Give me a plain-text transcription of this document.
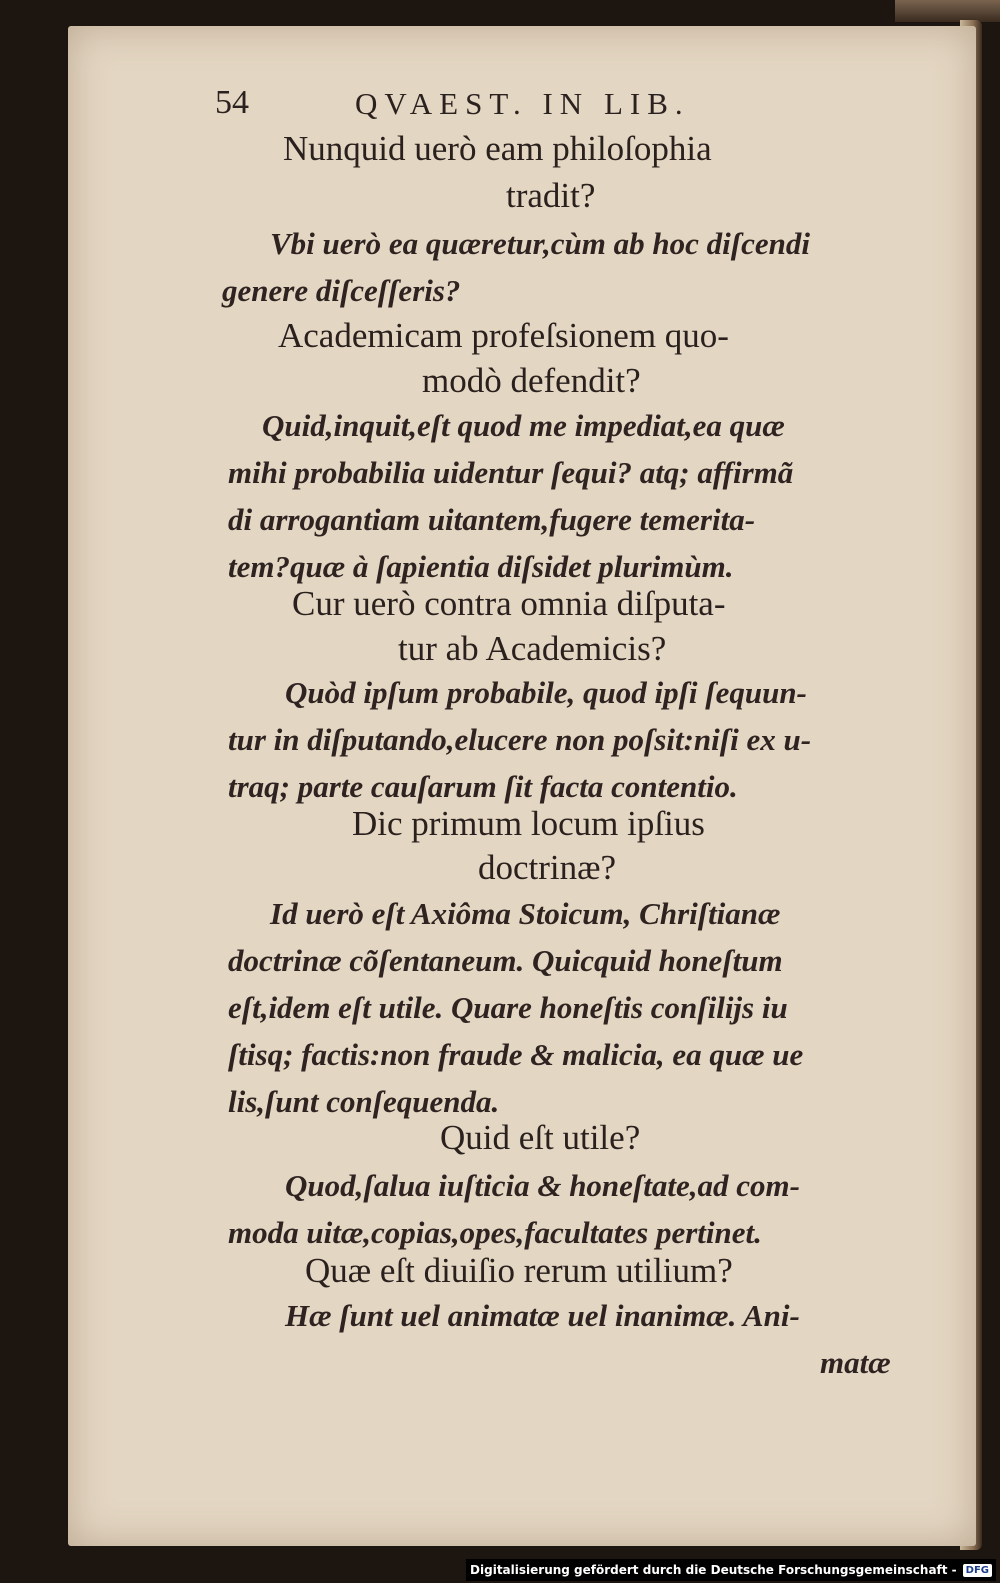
54	QVAEST. IN LIB.
Nunquid uerò eam philoſophia
tradit?
Vbi uerò ea quæretur,cùm ab hoc diſcendi
genere diſceſſeris?
Academicam profeſsionem quo-
modò defendit?
Quid,inquit,eſt quod me impediat,ea quæ
mihi probabilia uidentur ſequi? atq; affirmã
di arrogantiam uitantem,fugere temerita-
tem?quæ à ſapientia diſsidet plurimùm.
Cur uerò contra omnia diſputa-
tur ab Academicis?
Quòd ipſum probabile, quod ipſi ſequun-
tur in diſputando,elucere non poſsit:niſi ex u-
traq; parte cauſarum ſit facta contentio.
Dic primum locum ipſius
doctrinæ?
Id uerò eſt Axiôma Stoicum, Chriſtianæ
doctrinæ cõſentaneum. Quicquid honeſtum
eſt,idem eſt utile. Quare honeſtis conſilijs iu
ſtisq; factis:non fraude & malicia, ea quæ ue
lis,ſunt conſequenda.
Quid eſt utile?
Quod,ſalua iuſticia & honeſtate,ad com-
moda uitæ,copias,opes,facultates pertinet.
Quæ eſt diuiſio rerum utilium?
Hæ ſunt uel animatæ uel inanimæ. Ani-
matæ
Digitalisierung gefördert durch die Deutsche Forschungsgemeinschaft - DFG
